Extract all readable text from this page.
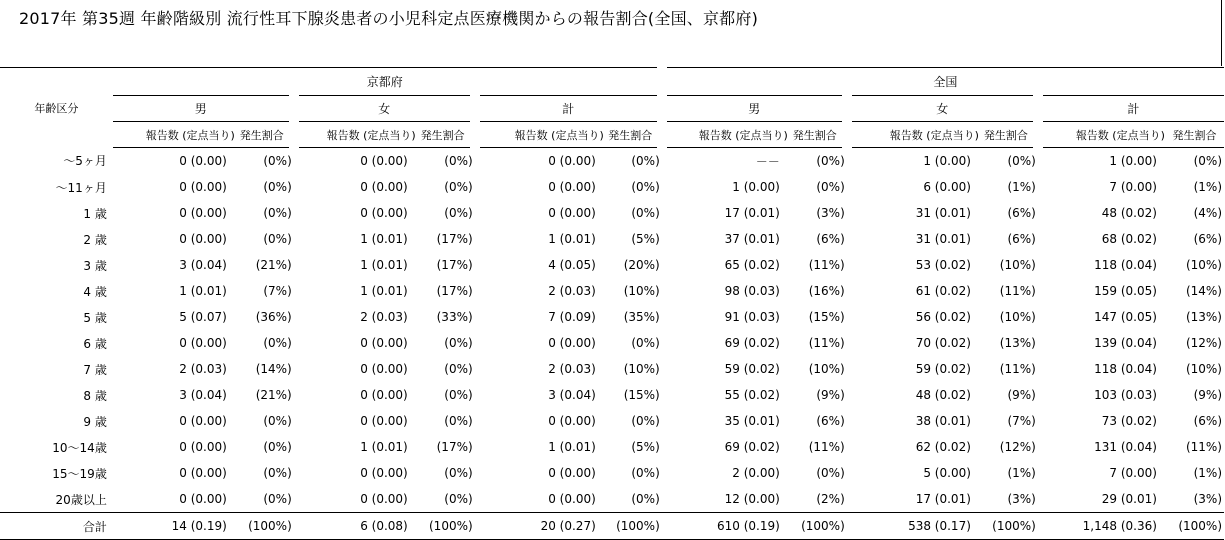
2017年 第35週 年齢階級別 流行性耳下腺炎患者の小児科定点医療機関からの報告割合(全国、京都府)
年齢区分	京都府						全国					
	男		女		計		男		女		計	
	報告数 (定点当り)	発生割合	報告数 (定点当り)	発生割合	報告数 (定点当り)	発生割合	報告数 (定点当り)	発生割合	報告数 (定点当り)	発生割合	報告数 (定点当り)	発生割合
〜5ヶ月	0 (0.00)	(0%)	0 (0.00)	(0%)	0 (0.00)	(0%)	－－	(0%)	1 (0.00)	(0%)	1 (0.00)	(0%)
〜11ヶ月	0 (0.00)	(0%)	0 (0.00)	(0%)	0 (0.00)	(0%)	1 (0.00)	(0%)	6 (0.00)	(1%)	7 (0.00)	(1%)
1 歳	0 (0.00)	(0%)	0 (0.00)	(0%)	0 (0.00)	(0%)	17 (0.01)	(3%)	31 (0.01)	(6%)	48 (0.02)	(4%)
2 歳	0 (0.00)	(0%)	1 (0.01)	(17%)	1 (0.01)	(5%)	37 (0.01)	(6%)	31 (0.01)	(6%)	68 (0.02)	(6%)
3 歳	3 (0.04)	(21%)	1 (0.01)	(17%)	4 (0.05)	(20%)	65 (0.02)	(11%)	53 (0.02)	(10%)	118 (0.04)	(10%)
4 歳	1 (0.01)	(7%)	1 (0.01)	(17%)	2 (0.03)	(10%)	98 (0.03)	(16%)	61 (0.02)	(11%)	159 (0.05)	(14%)
5 歳	5 (0.07)	(36%)	2 (0.03)	(33%)	7 (0.09)	(35%)	91 (0.03)	(15%)	56 (0.02)	(10%)	147 (0.05)	(13%)
6 歳	0 (0.00)	(0%)	0 (0.00)	(0%)	0 (0.00)	(0%)	69 (0.02)	(11%)	70 (0.02)	(13%)	139 (0.04)	(12%)
7 歳	2 (0.03)	(14%)	0 (0.00)	(0%)	2 (0.03)	(10%)	59 (0.02)	(10%)	59 (0.02)	(11%)	118 (0.04)	(10%)
8 歳	3 (0.04)	(21%)	0 (0.00)	(0%)	3 (0.04)	(15%)	55 (0.02)	(9%)	48 (0.02)	(9%)	103 (0.03)	(9%)
9 歳	0 (0.00)	(0%)	0 (0.00)	(0%)	0 (0.00)	(0%)	35 (0.01)	(6%)	38 (0.01)	(7%)	73 (0.02)	(6%)
10〜14歳	0 (0.00)	(0%)	1 (0.01)	(17%)	1 (0.01)	(5%)	69 (0.02)	(11%)	62 (0.02)	(12%)	131 (0.04)	(11%)
15〜19歳	0 (0.00)	(0%)	0 (0.00)	(0%)	0 (0.00)	(0%)	2 (0.00)	(0%)	5 (0.00)	(1%)	7 (0.00)	(1%)
20歳以上	0 (0.00)	(0%)	0 (0.00)	(0%)	0 (0.00)	(0%)	12 (0.00)	(2%)	17 (0.01)	(3%)	29 (0.01)	(3%)
合計	14 (0.19)	(100%)	6 (0.08)	(100%)	20 (0.27)	(100%)	610 (0.19)	(100%)	538 (0.17)	(100%)	1,148 (0.36)	(100%)
